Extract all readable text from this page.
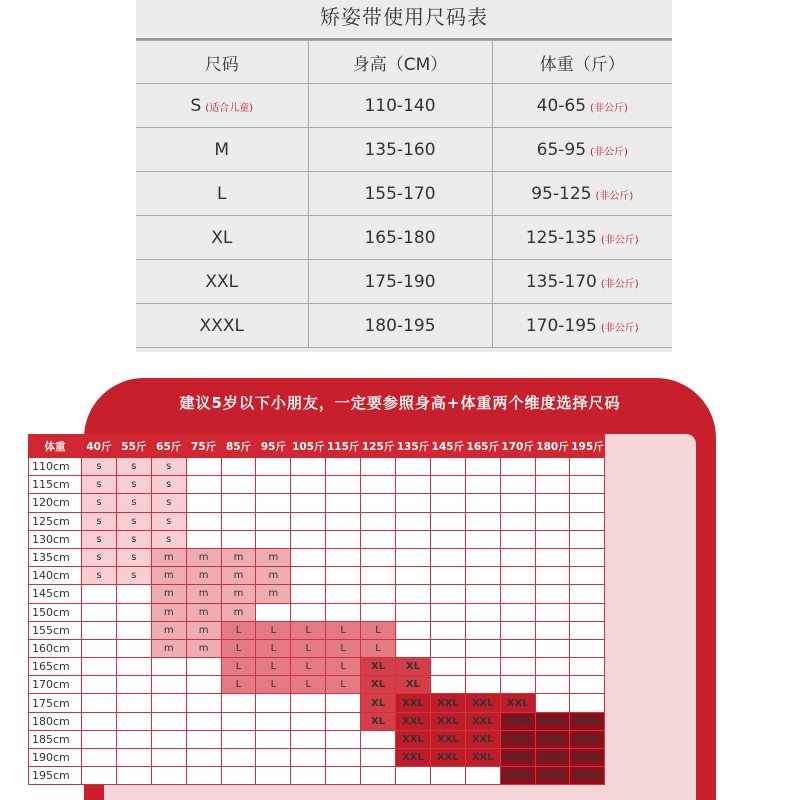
矫姿带使用尺码表
尺码	身高（CM）	体重（斤）
S (适合儿童)	110-140	40-65 (非公斤)
M	135-160	65-95 (非公斤)
L	155-170	95-125 (非公斤)
XL	165-180	125-135 (非公斤)
XXL	175-190	135-170 (非公斤)
XXXL	180-195	170-195 (非公斤)
建议5岁以下小朋友，一定要参照身高+体重两个维度选择尺码
体重	40斤	55斤	65斤	75斤	85斤	95斤	105斤	115斤	125斤	135斤	145斤	165斤	170斤	180斤	195斤
110cm	s	s	s												
115cm	s	s	s												
120cm	s	s	s												
125cm	s	s	s												
130cm	s	s	s												
135cm	s	s	m	m	m	m									
140cm	s	s	m	m	m	m									
145cm			m	m	m	m									
150cm			m	m	m										
155cm			m	m	L	L	L	L	L						
160cm			m	m	L	L	L	L	L						
165cm					L	L	L	L	XL	XL					
170cm					L	L	L	L	XL	XL					
175cm									XL	XXL	XXL	XXL	XXL		
180cm									XL	XXL	XXL	XXL	XXXL	XXXL	XXXL
185cm										XXL	XXL	XXL	XXXL	XXXL	XXXL
190cm										XXL	XXL	XXL	XXXL	XXXL	XXXL
195cm													XXXL	XXXL	XXXL
